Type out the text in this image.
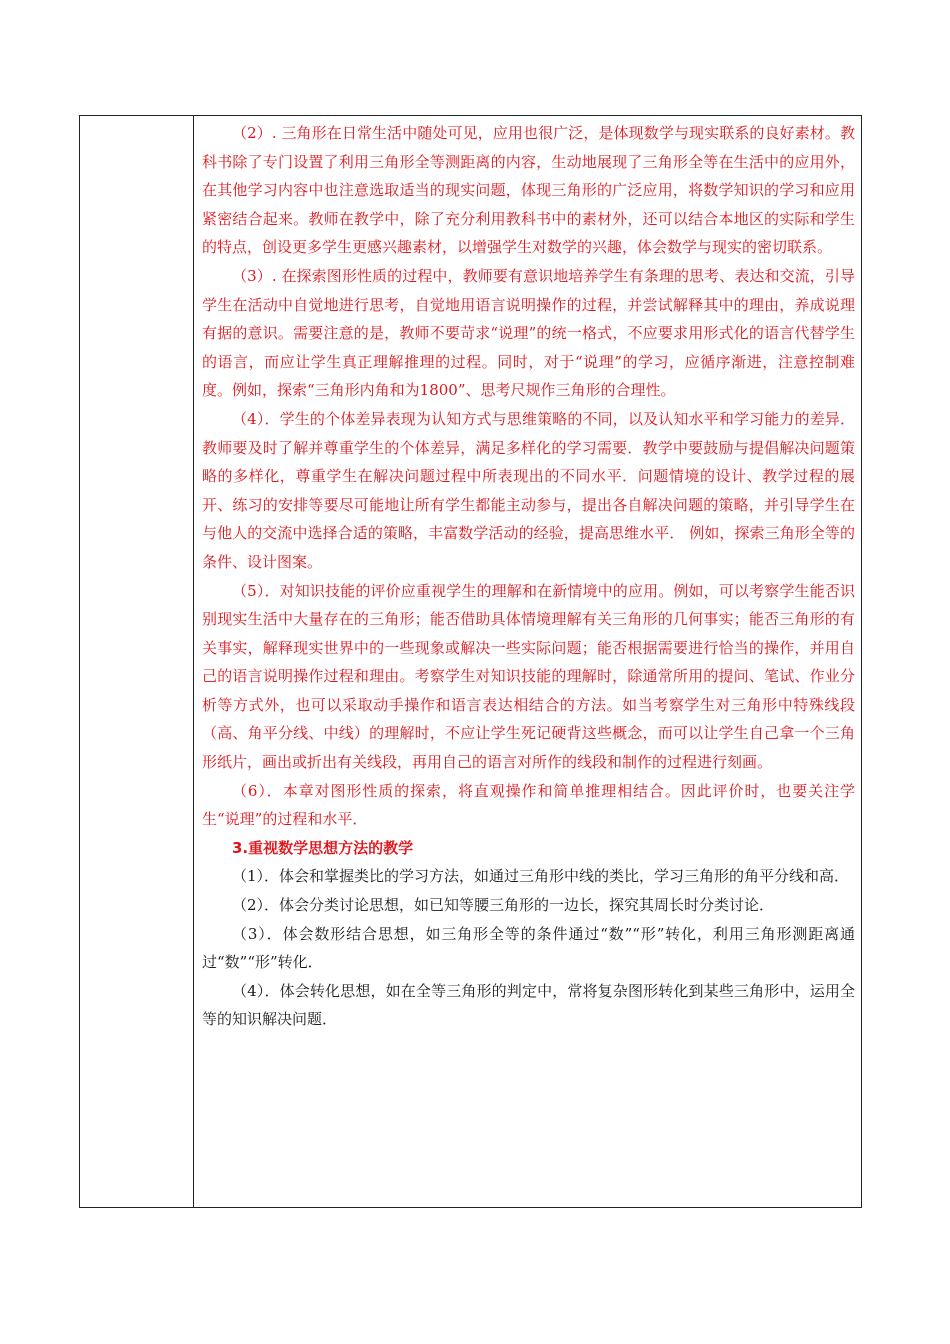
（2）. 三角形在日常生活中随处可见，应用也很广泛，是体现数学与现实联系的良好素材。教科书除了专门设置了利用三角形全等测距离的内容，生动地展现了三角形全等在生活中的应用外，在其他学习内容中也注意选取适当的现实问题，体现三角形的广泛应用，将数学知识的学习和应用紧密结合起来。教师在教学中，除了充分利用教科书中的素材外，还可以结合本地区的实际和学生的特点，创设更多学生更感兴趣素材，以增强学生对数学的兴趣，体会数学与现实的密切联系。

（3）. 在探索图形性质的过程中，教师要有意识地培养学生有条理的思考、表达和交流，引导学生在活动中自觉地进行思考，自觉地用语言说明操作的过程，并尝试解释其中的理由，养成说理有据的意识。需要注意的是，教师不要苛求“说理”的统一格式，不应要求用形式化的语言代替学生的语言，而应让学生真正理解推理的过程。同时，对于“说理”的学习，应循序渐进，注意控制难度。例如，探索“三角形内角和为1800”、思考尺规作三角形的合理性。

（4）．学生的个体差异表现为认知方式与思维策略的不同，以及认知水平和学习能力的差异．教师要及时了解并尊重学生的个体差异，满足多样化的学习需要．教学中要鼓励与提倡解决问题策略的多样化，尊重学生在解决问题过程中所表现出的不同水平．问题情境的设计、教学过程的展开、练习的安排等要尽可能地让所有学生都能主动参与，提出各自解决问题的策略，并引导学生在与他人的交流中选择合适的策略，丰富数学活动的经验，提高思维水平． 例如，探索三角形全等的条件、设计图案。

（5）．对知识技能的评价应重视学生的理解和在新情境中的应用。例如，可以考察学生能否识别现实生活中大量存在的三角形；能否借助具体情境理解有关三角形的几何事实；能否三角形的有关事实，解释现实世界中的一些现象或解决一些实际问题；能否根据需要进行恰当的操作，并用自己的语言说明操作过程和理由。考察学生对知识技能的理解时，除通常所用的提问、笔试、作业分析等方式外，也可以采取动手操作和语言表达相结合的方法。如当考察学生对三角形中特殊线段（高、角平分线、中线）的理解时，不应让学生死记硬背这些概念，而可以让学生自己拿一个三角形纸片，画出或折出有关线段，再用自己的语言对所作的线段和制作的过程进行刻画。

（6）．本章对图形性质的探索，将直观操作和简单推理相结合。因此评价时，也要关注学生“说理”的过程和水平．

3.重视数学思想方法的教学

（1）．体会和掌握类比的学习方法，如通过三角形中线的类比，学习三角形的角平分线和高．

（2）．体会分类讨论思想，如已知等腰三角形的一边长，探究其周长时分类讨论．

（3）．体会数形结合思想，如三角形全等的条件通过“数”“形”转化，利用三角形测距离通过“数”“形”转化．

（4）．体会转化思想，如在全等三角形的判定中，常将复杂图形转化到某些三角形中，运用全等的知识解决问题．
